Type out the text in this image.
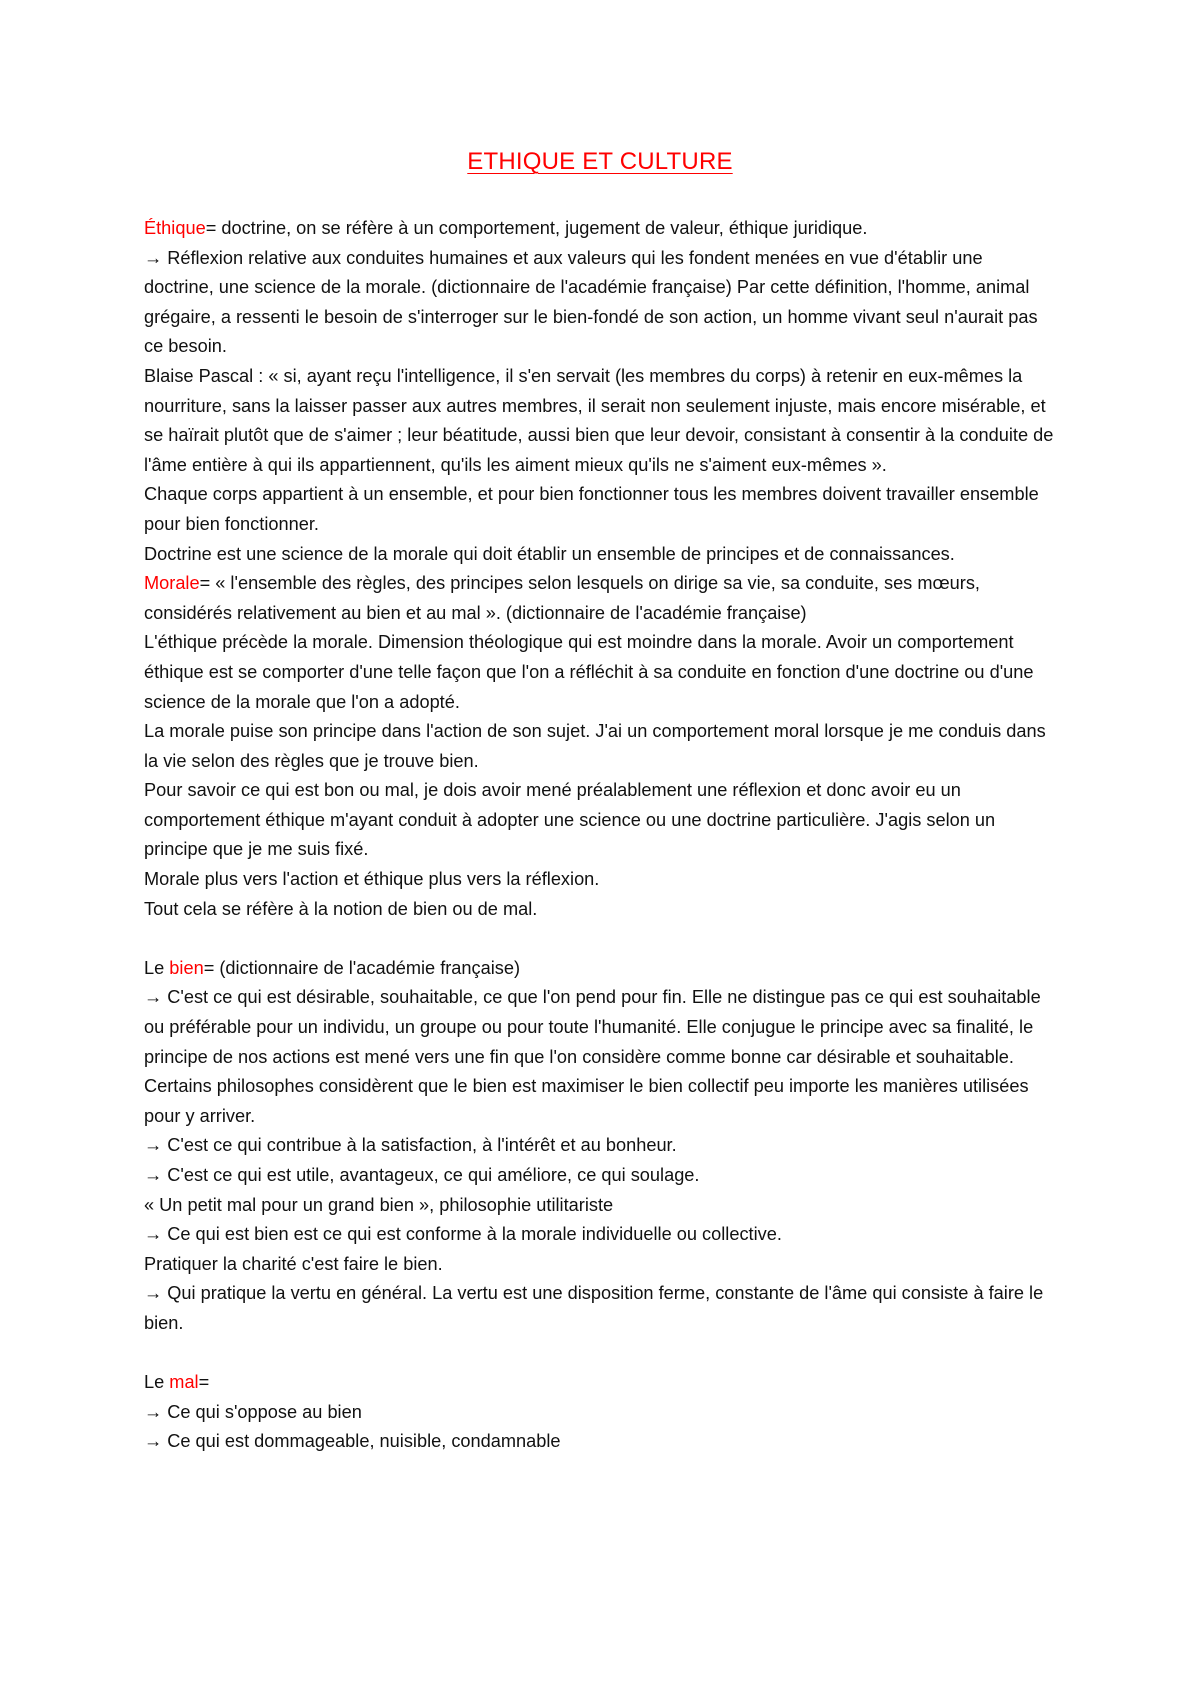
ETHIQUE ET CULTURE

Éthique= doctrine, on se réfère à un comportement, jugement de valeur, éthique juridique.

→ Réflexion relative aux conduites humaines et aux valeurs qui les fondent menées en vue d'établir une doctrine, une science de la morale. (dictionnaire de l'académie française) Par cette définition, l'homme, animal grégaire, a ressenti le besoin de s'interroger sur le bien-fondé de son action, un homme vivant seul n'aurait pas ce besoin.

Blaise Pascal : « si, ayant reçu l'intelligence, il s'en servait (les membres du corps) à retenir en eux-mêmes la nourriture, sans la laisser passer aux autres membres, il serait non seulement injuste, mais encore misérable, et se haïrait plutôt que de s'aimer ; leur béatitude, aussi bien que leur devoir, consistant à consentir à la conduite de l'âme entière à qui ils appartiennent, qu'ils les aiment mieux qu'ils ne s'aiment eux-mêmes ».

Chaque corps appartient à un ensemble, et pour bien fonctionner tous les membres doivent travailler ensemble pour bien fonctionner.

Doctrine est une science de la morale qui doit établir un ensemble de principes et de connaissances.

Morale= « l'ensemble des règles, des principes selon lesquels on dirige sa vie, sa conduite, ses mœurs, considérés relativement au bien et au mal ». (dictionnaire de l'académie française)

L'éthique précède la morale. Dimension théologique qui est moindre dans la morale. Avoir un comportement éthique est se comporter d'une telle façon que l'on a réfléchit à sa conduite en fonction d'une doctrine ou d'une science de la morale que l'on a adopté.

La morale puise son principe dans l'action de son sujet. J'ai un comportement moral lorsque je me conduis dans la vie selon des règles que je trouve bien.

Pour savoir ce qui est bon ou mal, je dois avoir mené préalablement une réflexion et donc avoir eu un comportement éthique m'ayant conduit à adopter une science ou une doctrine particulière. J'agis selon un principe que je me suis fixé.

Morale plus vers l'action et éthique plus vers la réflexion.

Tout cela se réfère à la notion de bien ou de mal.

Le bien= (dictionnaire de l'académie française)

→ C'est ce qui est désirable, souhaitable, ce que l'on pend pour fin. Elle ne distingue pas ce qui est souhaitable ou préférable pour un individu, un groupe ou pour toute l'humanité. Elle conjugue le principe avec sa finalité, le principe de nos actions est mené vers une fin que l'on considère comme bonne car désirable et souhaitable. Certains philosophes considèrent que le bien est maximiser le bien collectif peu importe les manières utilisées pour y arriver.

→ C'est ce qui contribue à la satisfaction, à l'intérêt et au bonheur.

→ C'est ce qui est utile, avantageux, ce qui améliore, ce qui soulage.

« Un petit mal pour un grand bien », philosophie utilitariste

→ Ce qui est bien est ce qui est conforme à la morale individuelle ou collective.

Pratiquer la charité c'est faire le bien.

→ Qui pratique la vertu en général. La vertu est une disposition ferme, constante de l'âme qui consiste à faire le bien.

Le mal=

→ Ce qui s'oppose au bien

→ Ce qui est dommageable, nuisible, condamnable
